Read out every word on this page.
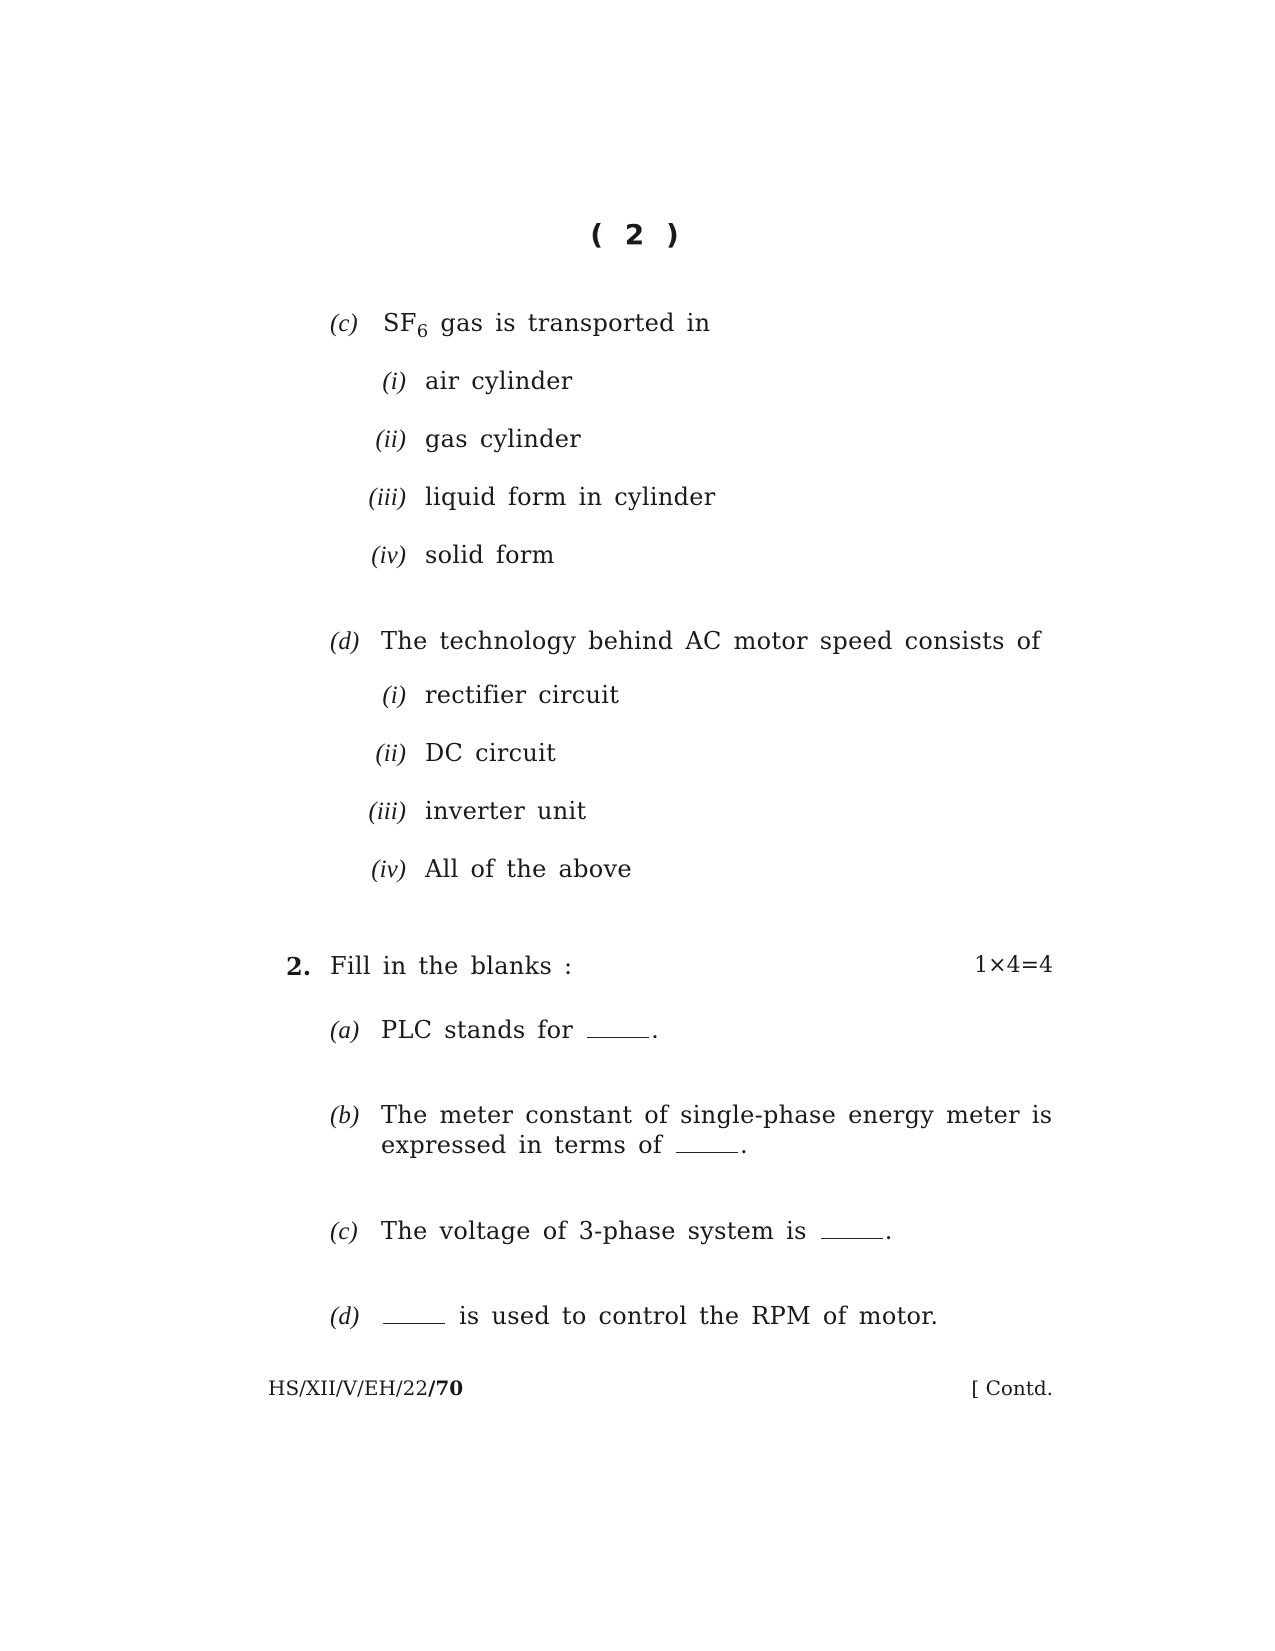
( 2 )
(c) $SF_6$ gas is transported in
(i) air cylinder
(ii) gas cylinder
(iii) liquid form in cylinder
(iv) solid form
(d) The technology behind AC motor speed consists of
(i) rectifier circuit
(ii) DC circuit
(iii) inverter unit
(iv) All of the above
2. Fill in the blanks :	1×4=4
(a) PLC stands for	.
(b) The meter constant of single-phase energy meter is
expressed in terms of	.
(c) The voltage of 3-phase system is	.
(d)	is used to control the RPM of motor.
HS/XII/V/EH/22/70	[ Contd.
